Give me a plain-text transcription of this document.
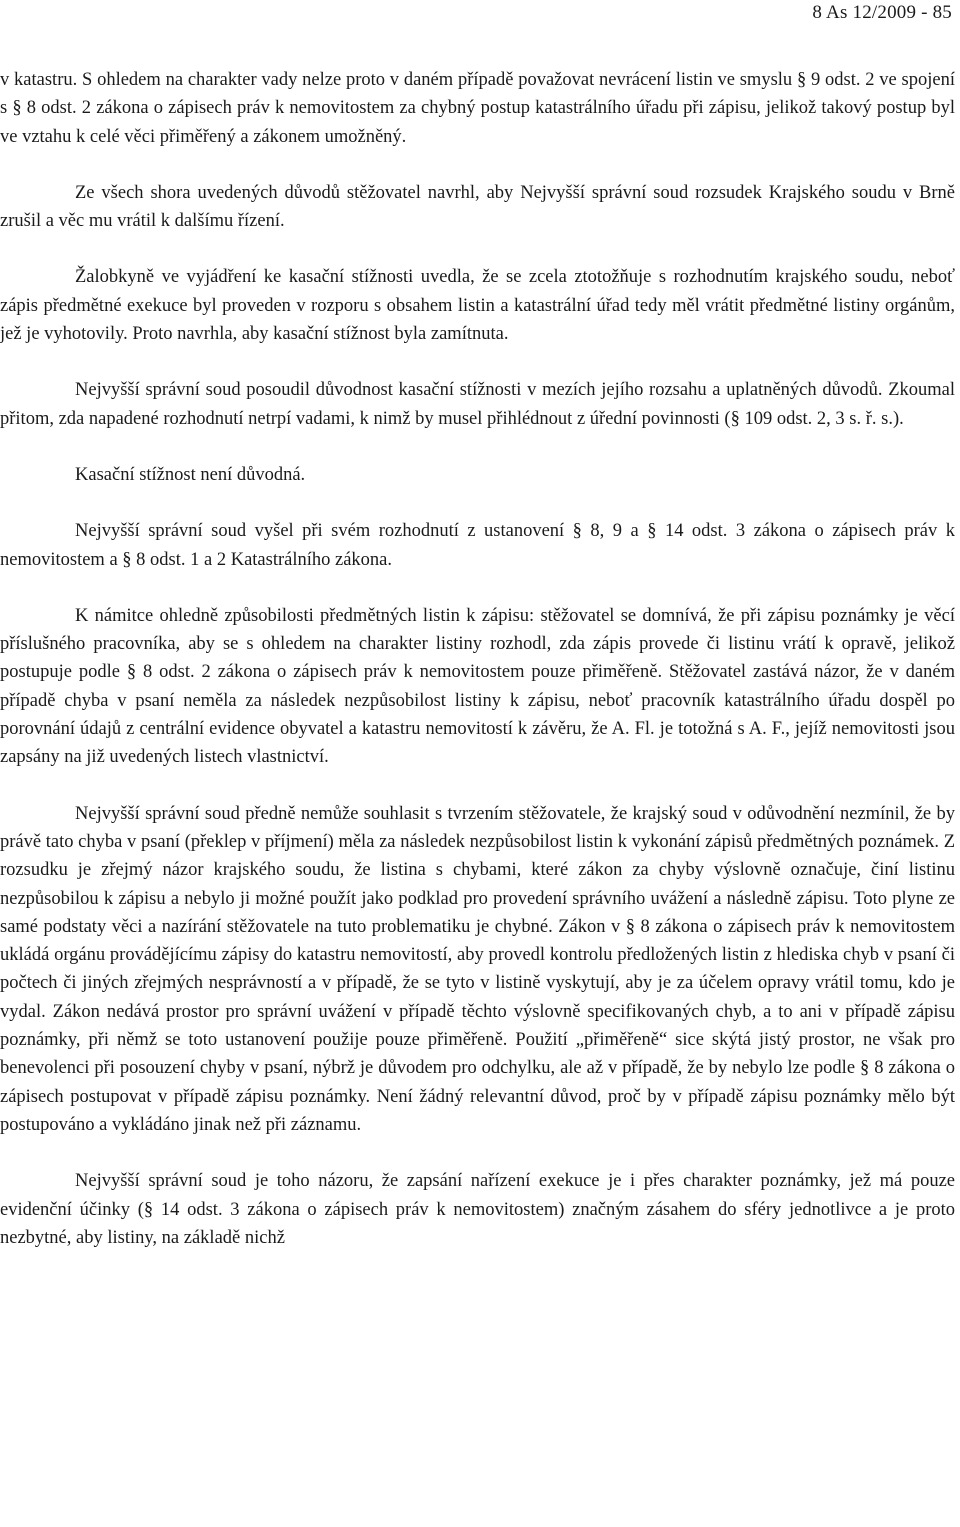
8 As 12/2009 - 85

v katastru. S ohledem na charakter vady nelze proto v daném případě považovat nevrácení listin ve smyslu § 9 odst. 2 ve spojení s § 8 odst. 2 zákona o zápisech práv k nemovitostem za chybný postup katastrálního úřadu při zápisu, jelikož takový postup byl ve vztahu k celé věci přiměřený a zákonem umožněný.

Ze všech shora uvedených důvodů stěžovatel navrhl, aby Nejvyšší správní soud rozsudek Krajského soudu v Brně zrušil a věc mu vrátil k dalšímu řízení.

Žalobkyně ve vyjádření ke kasační stížnosti uvedla, že se zcela ztotožňuje s rozhodnutím krajského soudu, neboť zápis předmětné exekuce byl proveden v rozporu s obsahem listin a katastrální úřad tedy měl vrátit předmětné listiny orgánům, jež je vyhotovily. Proto navrhla, aby kasační stížnost byla zamítnuta.

Nejvyšší správní soud posoudil důvodnost kasační stížnosti v mezích jejího rozsahu a uplatněných důvodů. Zkoumal přitom, zda napadené rozhodnutí netrpí vadami, k nimž by musel přihlédnout z úřední povinnosti (§ 109 odst. 2, 3 s. ř. s.).

Kasační stížnost není důvodná.

Nejvyšší správní soud vyšel při svém rozhodnutí z ustanovení § 8, 9 a § 14 odst. 3 zákona o zápisech práv k nemovitostem a § 8 odst. 1 a 2 Katastrálního zákona.

K námitce ohledně způsobilosti předmětných listin k zápisu: stěžovatel se domnívá, že při zápisu poznámky je věcí příslušného pracovníka, aby se s ohledem na charakter listiny rozhodl, zda zápis provede či listinu vrátí k opravě, jelikož postupuje podle § 8 odst. 2 zákona o zápisech práv k nemovitostem pouze přiměřeně. Stěžovatel zastává názor, že v daném případě chyba v psaní neměla za následek nezpůsobilost listiny k zápisu, neboť pracovník katastrálního úřadu dospěl po porovnání údajů z centrální evidence obyvatel a katastru nemovitostí k závěru, že A. Fl. je totožná s A. F., jejíž nemovitosti jsou zapsány na již uvedených listech vlastnictví.

Nejvyšší správní soud předně nemůže souhlasit s tvrzením stěžovatele, že krajský soud v odůvodnění nezmínil, že by právě tato chyba v psaní (překlep v příjmení) měla za následek nezpůsobilost listin k vykonání zápisů předmětných poznámek. Z rozsudku je zřejmý názor krajského soudu, že listina s chybami, které zákon za chyby výslovně označuje, činí listinu nezpůsobilou k zápisu a nebylo ji možné použít jako podklad pro provedení správního uvážení a následně zápisu. Toto plyne ze samé podstaty věci a nazírání stěžovatele na tuto problematiku je chybné. Zákon v § 8 zákona o zápisech práv k nemovitostem ukládá orgánu provádějícímu zápisy do katastru nemovitostí, aby provedl kontrolu předložených listin z hlediska chyb v psaní či počtech či jiných zřejmých nesprávností a v případě, že se tyto v listině vyskytují, aby je za účelem opravy vrátil tomu, kdo je vydal. Zákon nedává prostor pro správní uvážení v případě těchto výslovně specifikovaných chyb, a to ani v případě zápisu poznámky, při němž se toto ustanovení použije pouze přiměřeně. Použití „přiměřeně“ sice skýtá jistý prostor, ne však pro benevolenci při posouzení chyby v psaní, nýbrž je důvodem pro odchylku, ale až v případě, že by nebylo lze podle § 8 zákona o zápisech postupovat v případě zápisu poznámky. Není žádný relevantní důvod, proč by v případě zápisu poznámky mělo být postupováno a vykládáno jinak než při záznamu.

Nejvyšší správní soud je toho názoru, že zapsání nařízení exekuce je i přes charakter poznámky, jež má pouze evidenční účinky (§ 14 odst. 3 zákona o zápisech práv k nemovitostem) značným zásahem do sféry jednotlivce a je proto nezbytné, aby listiny, na základě nichž
